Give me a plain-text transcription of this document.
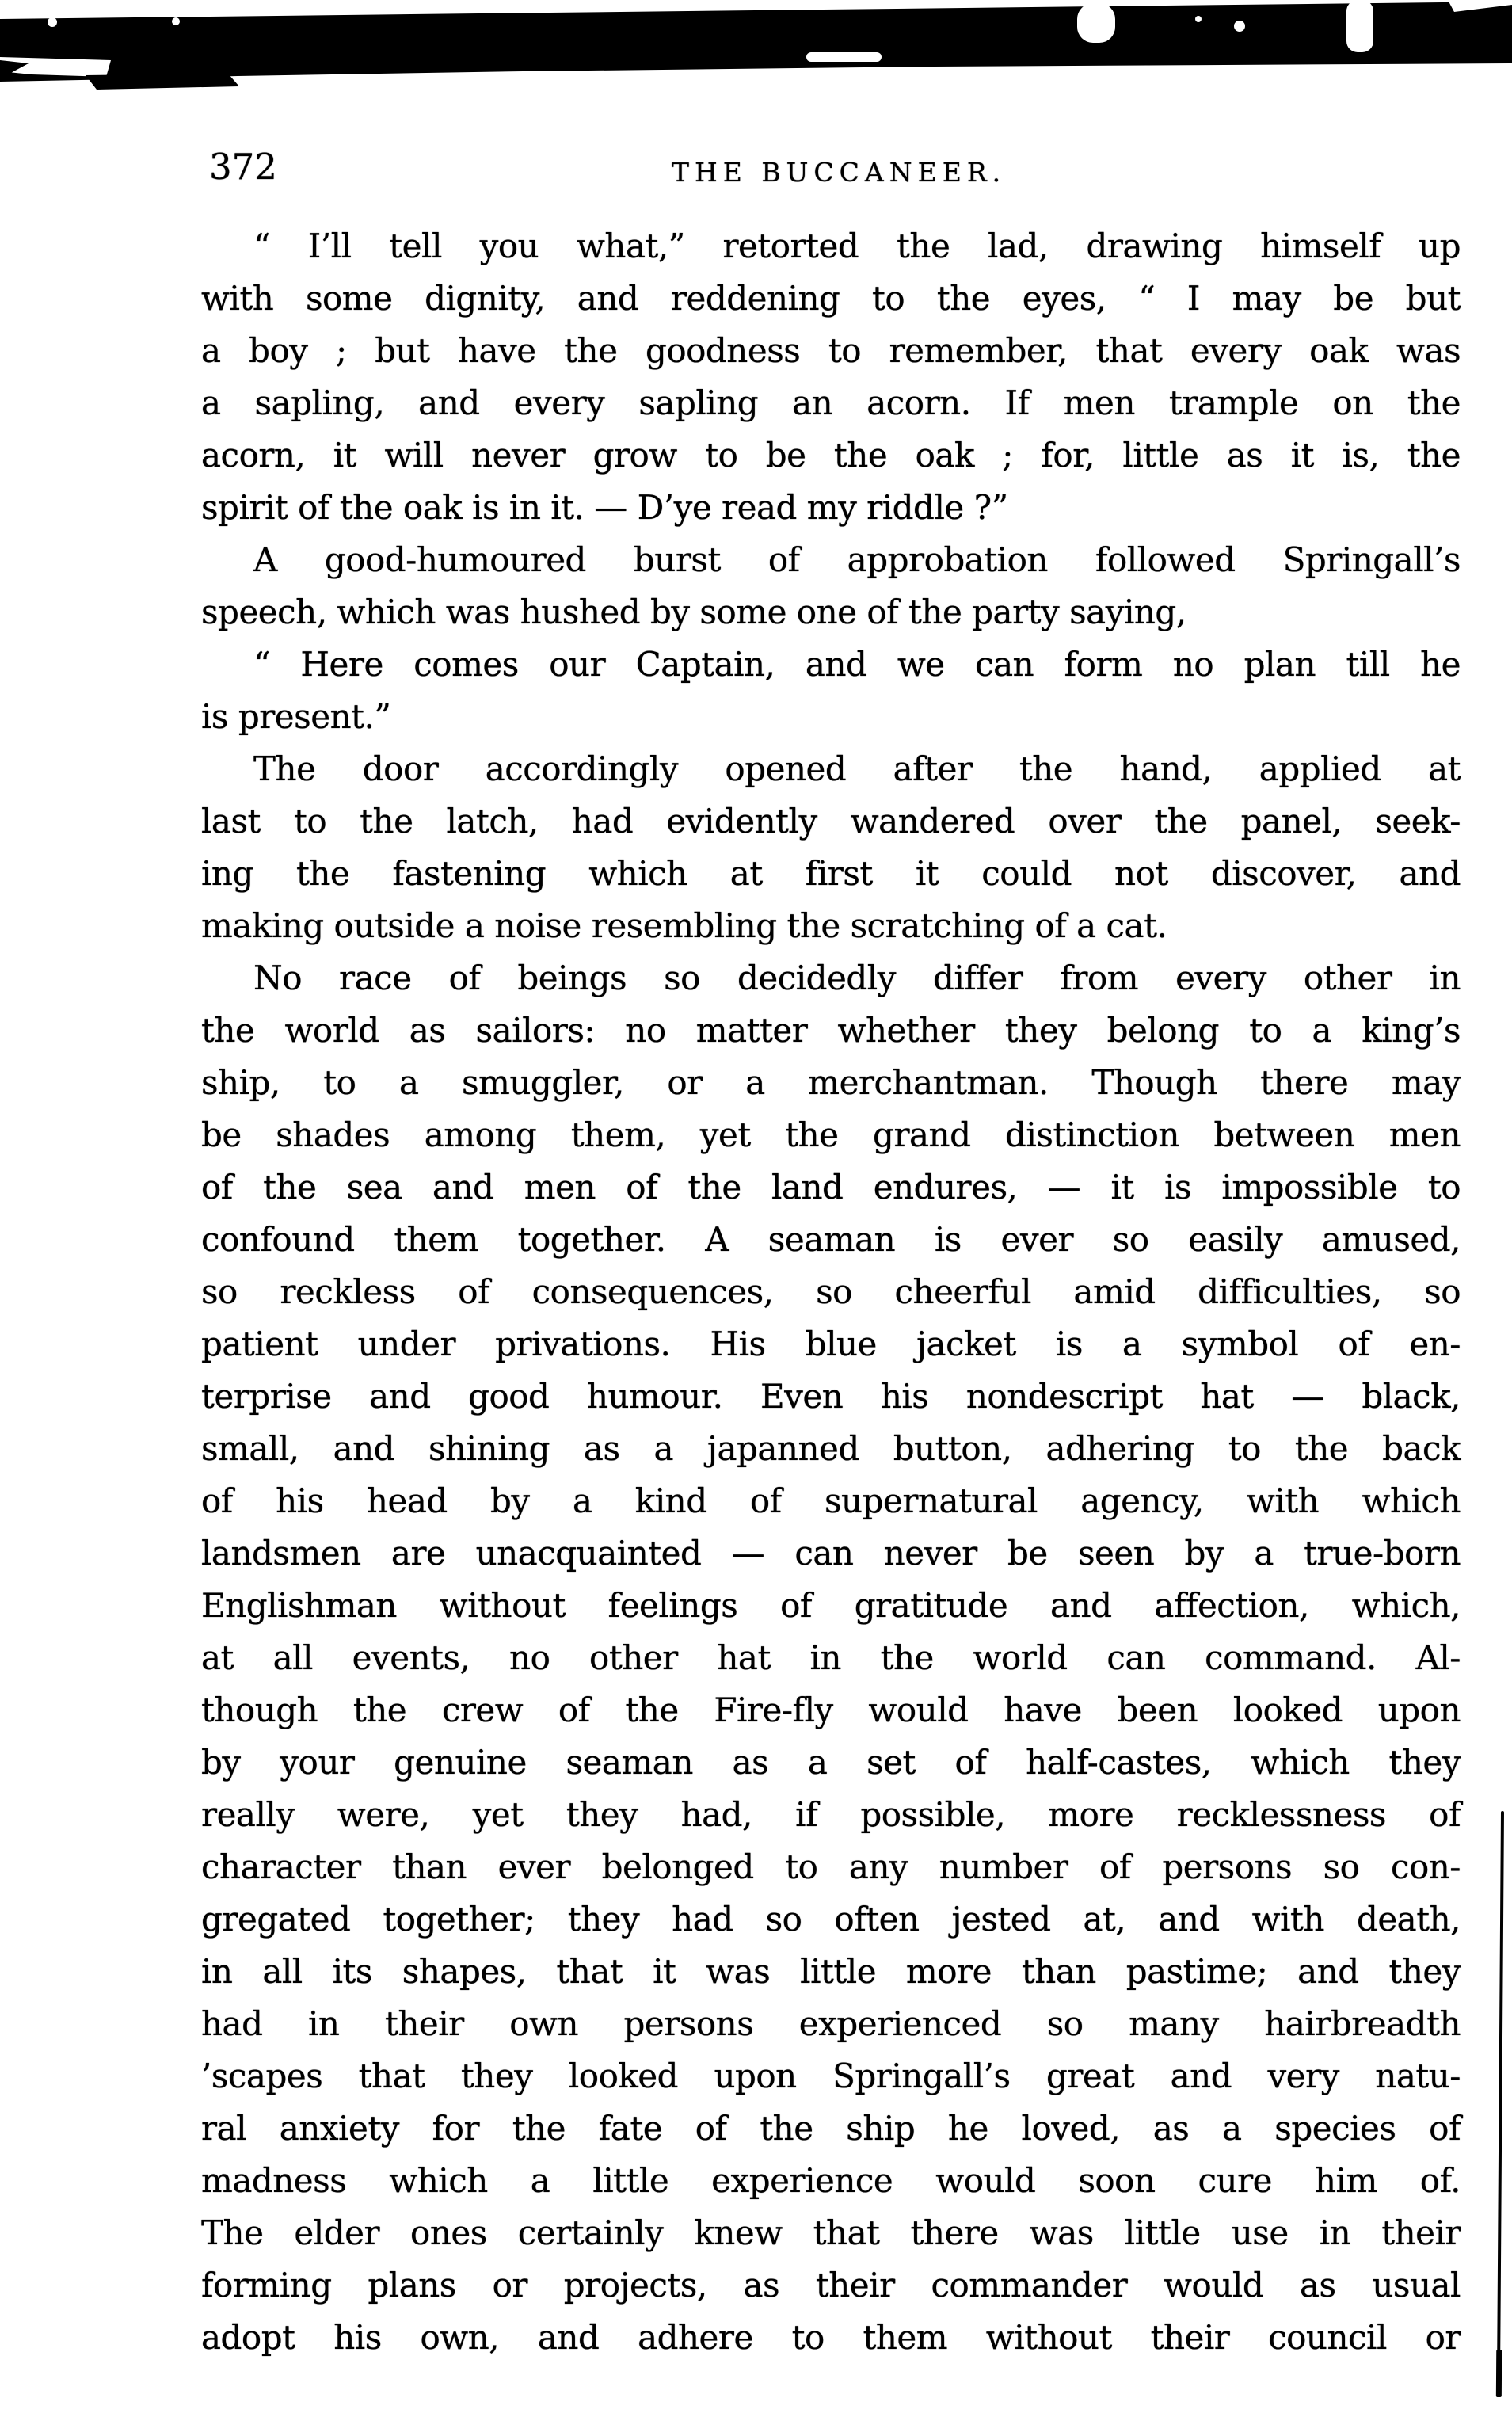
372	THE BUCCANEER.
“ I’ll tell you what,” retorted the lad, drawing himself up
with some dignity, and reddening to the eyes, “ I may be but
a boy ; but have the goodness to remember, that every oak was
a sapling, and every sapling an acorn. If men trample on the
acorn, it will never grow to be the oak ; for, little as it is, the
spirit of the oak is in it. — D’ye read my riddle ?”
A good-humoured burst of approbation followed Springall’s
speech, which was hushed by some one of the party saying,
“ Here comes our Captain, and we can form no plan till he
is present.”
The door accordingly opened after the hand, applied at
last to the latch, had evidently wandered over the panel, seek-
ing the fastening which at first it could not discover, and
making outside a noise resembling the scratching of a cat.
No race of beings so decidedly differ from every other in
the world as sailors: no matter whether they belong to a king’s
ship, to a smuggler, or a merchantman. Though there may
be shades among them, yet the grand distinction between men
of the sea and men of the land endures, — it is impossible to
confound them together. A seaman is ever so easily amused,
so reckless of consequences, so cheerful amid difficulties, so
patient under privations. His blue jacket is a symbol of en-
terprise and good humour. Even his nondescript hat — black,
small, and shining as a japanned button, adhering to the back
of his head by a kind of supernatural agency, with which
landsmen are unacquainted — can never be seen by a true-born
Englishman without feelings of gratitude and affection, which,
at all events, no other hat in the world can command. Al-
though the crew of the Fire-fly would have been looked upon
by your genuine seaman as a set of half-castes, which they
really were, yet they had, if possible, more recklessness of
character than ever belonged to any number of persons so con-
gregated together; they had so often jested at, and with death,
in all its shapes, that it was little more than pastime; and they
had in their own persons experienced so many hairbreadth
’scapes that they looked upon Springall’s great and very natu-
ral anxiety for the fate of the ship he loved, as a species of
madness which a little experience would soon cure him of.
The elder ones certainly knew that there was little use in their
forming plans or projects, as their commander would as usual
adopt his own, and adhere to them without their council or
